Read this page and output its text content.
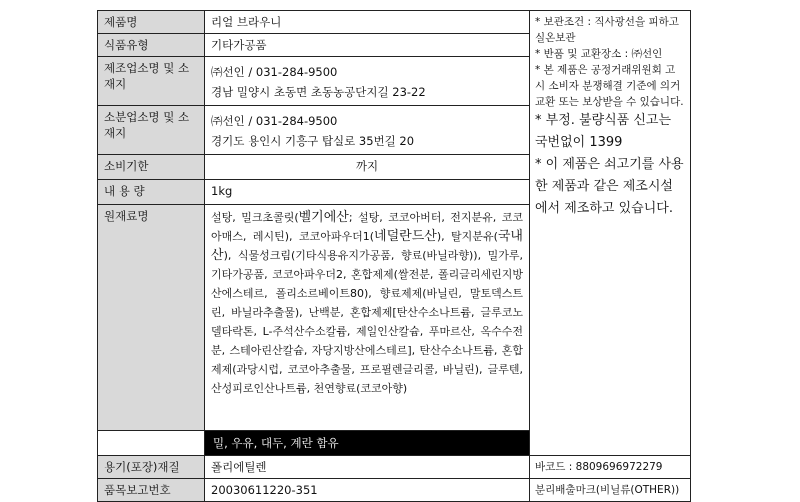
제품명	리얼 브라우니	* 보관조건 : 직사광선을 피하고 실온보관
* 반품 및 교환장소 : ㈜선인
* 본 제품은 공정거래위원회 고시 소비자 분쟁해결 기준에 의거 교환 또는 보상받을 수 있습니다.
* 부정. 불량식품 신고는 국번없이 1399
* 이 제품은 쇠고기를 사용한 제품과 같은 제조시설에서 제조하고 있습니다.

식품유형	기타가공품	
제조업소명 및 소재지	㈜선인 / 031-284-9500
경남 밀양시 초동면 초동농공단지길 23-22	

소분업소명 및 소재지	㈜선인 / 031-284-9500
경기도 용인시 기흥구 탑실로 35번길 20	

소비기한	까지	
내 용 량	1kg	
원재료명	설탕, 밀크초콜릿(벨기에산; 설탕, 코코아버터, 전지분유, 코코아매스, 레시틴), 코코아파우더1(네덜란드산), 탈지분유(국내산), 식물성크림(기타식용유지가공품, 향료(바닐라향)), 밀가루, 기타가공품, 코코아파우더2, 혼합제제(쌀전분, 폴리글리세린지방산에스테르, 폴리소르베이트80), 향료제제(바닐린, 말토덱스트린, 바닐라추출물), 난백분, 혼합제제[탄산수소나트륨, 글루코노델타락톤, L-주석산수소칼륨, 제일인산칼슘, 푸마르산, 옥수수전분, 스테아린산칼슘, 자당지방산에스테르], 탄산수소나트륨, 혼합제제(과당시럽, 코코아추출물, 프로필렌글리콜, 바닐린), 글루텐, 산성피로인산나트륨, 천연향료(코코아향)	

	밀, 우유, 대두, 계란 함유	

용기(포장)재질	폴리에틸렌	바코드 : 8809696972279
품목보고번호	20030611220-351	분리배출마크(비닐류(OTHER))
